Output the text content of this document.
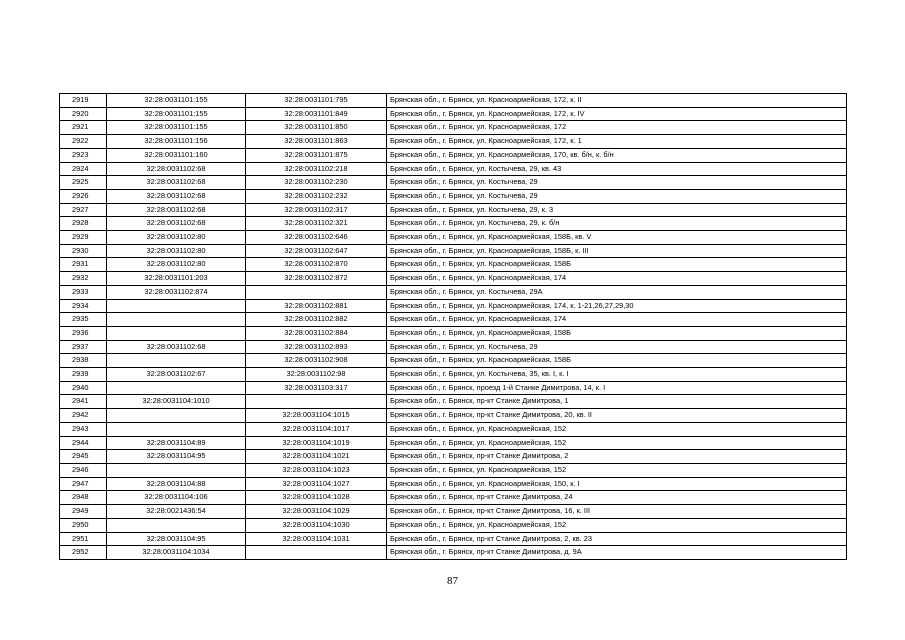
2919	32:28:0031101:155	32:28:0031101:795	Брянская обл., г. Брянск, ул. Красноармейская, 172, к. II
2920	32:28:0031101:155	32:28:0031101:849	Брянская обл., г. Брянск, ул. Красноармейская, 172, к. IV
2921	32:28:0031101:155	32:28:0031101:850	Брянская обл., г. Брянск, ул. Красноармейская, 172
2922	32:28:0031101:156	32:28:0031101:863	Брянская обл., г. Брянск, ул. Красноармейская, 172, к. 1
2923	32:28:0031101:160	32:28:0031101:875	Брянская обл., г. Брянск, ул. Красноармейская, 170, кв. б/н, к. б/н
2924	32:28:0031102:68	32:28:0031102:218	Брянская обл., г. Брянск, ул. Костычева, 29, кв. 43
2925	32:28:0031102:68	32:28:0031102:230	Брянская обл., г. Брянск, ул. Костычева, 29
2926	32:28:0031102:68	32:28:0031102:232	Брянская обл., г. Брянск, ул. Костычева, 29
2927	32:28:0031102:68	32:28:0031102:317	Брянская обл., г. Брянск, ул. Костычева, 29, к. 3
2928	32:28:0031102:68	32:28:0031102:321	Брянская обл., г. Брянск, ул. Костычева, 29, к. б/н
2929	32:28:0031102:80	32:28:0031102:646	Брянская обл., г. Брянск, ул. Красноармейская, 158Б, кв. V
2930	32:28:0031102:80	32:28:0031102:647	Брянская обл., г. Брянск, ул. Красноармейская, 158Б, к. III
2931	32:28:0031102:80	32:28:0031102:870	Брянская обл., г. Брянск, ул. Красноармейская, 158Б
2932	32:28:0031101:203	32:28:0031102:872	Брянская обл., г. Брянск, ул. Красноармейская, 174
2933	32:28:0031102:874		Брянская обл., г. Брянск, ул. Костычева, 29А
2934		32:28:0031102:881	Брянская обл., г. Брянск, ул. Красноармейская, 174, к. 1-21,26,27,29,30
2935		32:28:0031102:882	Брянская обл., г. Брянск, ул. Красноармейская, 174
2936		32:28:0031102:884	Брянская обл., г. Брянск, ул. Красноармейская, 158Б
2937	32:28:0031102:68	32:28:0031102:893	Брянская обл., г. Брянск, ул. Костычева, 29
2938		32:28:0031102:908	Брянская обл., г. Брянск, ул. Красноармейская, 158Б
2939	32:28:0031102:67	32:28:0031102:98	Брянская обл., г. Брянск, ул. Костычева, 35, кв. I, к. I
2940		32:28:0031103:317	Брянская обл., г. Брянск, проезд 1-й Станке Димитрова, 14, к. I
2941	32:28:0031104:1010		Брянская обл., г. Брянск, пр-кт Станке Димитрова, 1
2942		32:28:0031104:1015	Брянская обл., г. Брянск, пр-кт Станке Димитрова, 20, кв. II
2943		32:28:0031104:1017	Брянская обл., г. Брянск, ул. Красноармейская, 152
2944	32:28:0031104:89	32:28:0031104:1019	Брянская обл., г. Брянск, ул. Красноармейская, 152
2945	32:28:0031104:95	32:28:0031104:1021	Брянская обл., г. Брянск, пр-кт Станке Димитрова, 2
2946		32:28:0031104:1023	Брянская обл., г. Брянск, ул. Красноармейская, 152
2947	32:28:0031104:88	32:28:0031104:1027	Брянская обл., г. Брянск, ул. Красноармейская, 150, к. I
2948	32:28:0031104:106	32:28:0031104:1028	Брянская обл., г. Брянск, пр-кт Станке Димитрова, 24
2949	32:28:0021436:54	32:28:0031104:1029	Брянская обл., г. Брянск, пр-кт Станке Димитрова, 16, к. III
2950		32:28:0031104:1030	Брянская обл., г. Брянск, ул. Красноармейская, 152
2951	32:28:0031104:95	32:28:0031104:1031	Брянская обл., г. Брянск, пр-кт Станке Димитрова, 2, кв. 23
2952	32:28:0031104:1034		Брянская обл., г. Брянск, пр-кт Станке Димитрова, д. 9А
87
